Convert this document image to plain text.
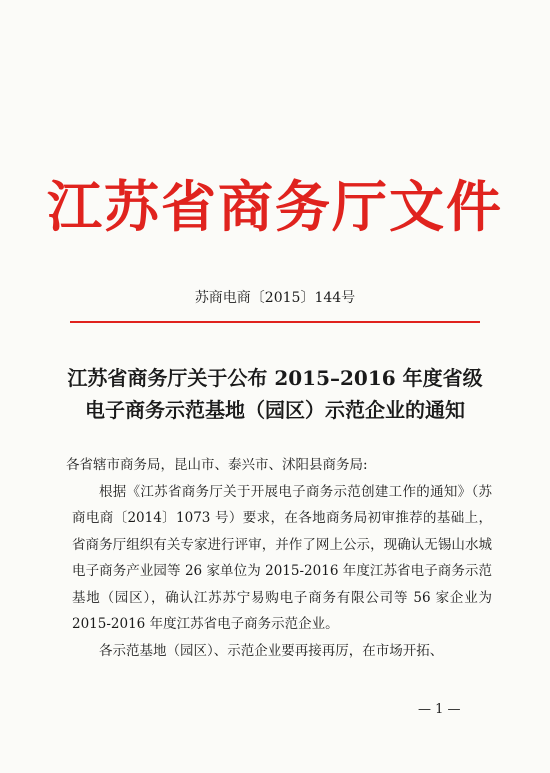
江苏省商务厅文件
苏商电商〔2015〕144号
江苏省商务厅关于公布 2015–2016 年度省级
电子商务示范基地（园区）示范企业的通知

各省辖市商务局，昆山市、泰兴市、沭阳县商务局:

根据《江苏省商务厅关于开展电子商务示范创建工作的通知》（苏商电商〔2014〕1073 号）要求，在各地商务局初审推荐的基础上，省商务厅组织有关专家进行评审，并作了网上公示，现确认无锡山水城电子商务产业园等 26 家单位为 2015-2016 年度江苏省电子商务示范基地（园区），确认江苏苏宁易购电子商务有限公司等 56 家企业为 2015-2016 年度江苏省电子商务示范企业。

各示范基地（园区）、示范企业要再接再厉，在市场开拓、

— 1 —
